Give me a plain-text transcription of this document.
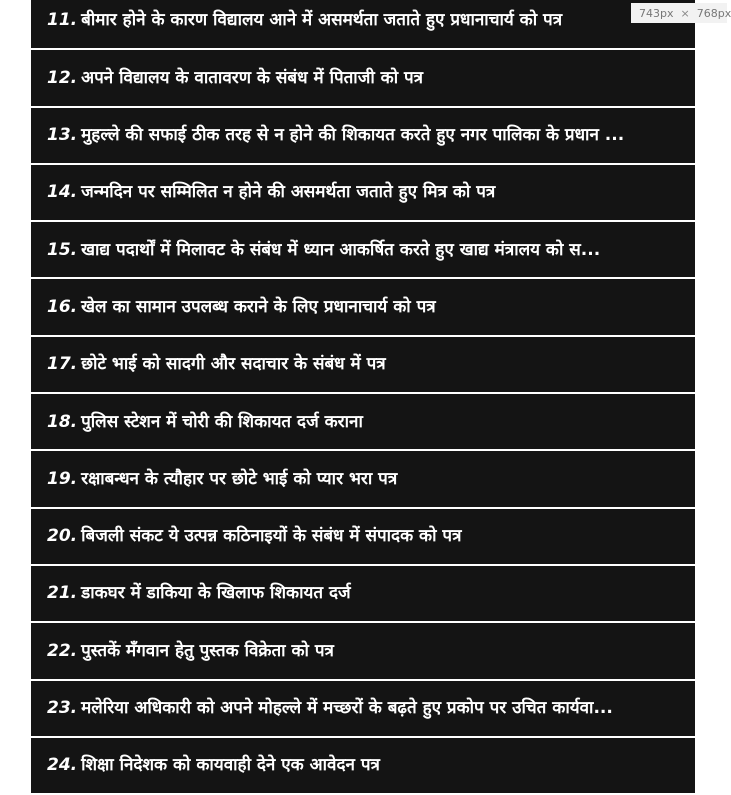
11. बीमार होने के कारण विद्यालय आने में असमर्थता जताते हुए प्रधानाचार्य को पत्र
12. अपने विद्यालय के वातावरण के संबंध में पिताजी को पत्र
13. मुहल्ले की सफाई ठीक तरह से न होने की शिकायत करते हुए नगर पालिका के प्रधान ...
14. जन्मदिन पर सम्मिलित न होने की असमर्थता जताते हुए मित्र को पत्र
15. खाद्य पदार्थों में मिलावट के संबंध में ध्यान आकर्षित करते हुए खाद्य मंत्रालय को स...
16. खेल का सामान उपलब्ध कराने के लिए प्रधानाचार्य को पत्र
17. छोटे भाई को सादगी और सदाचार के संबंध में पत्र
18. पुलिस स्टेशन में चोरी की शिकायत दर्ज कराना
19. रक्षाबन्धन के त्यौहार पर छोटे भाई को प्यार भरा पत्र
20. बिजली संकट ये उत्पन्न कठिनाइयों के संबंध में संपादक को पत्र
21. डाकघर में डाकिया के खिलाफ शिकायत दर्ज
22. पुस्तकें मँगवान हेतु पुस्तक विक्रेता को पत्र
23. मलेरिया अधिकारी को अपने मोहल्ले में मच्छरों के बढ़ते हुए प्रकोप पर उचित कार्यवा...
24. शिक्षा निदेशक को कायवाही देने एक आवेदन पत्र
743px × 768px
